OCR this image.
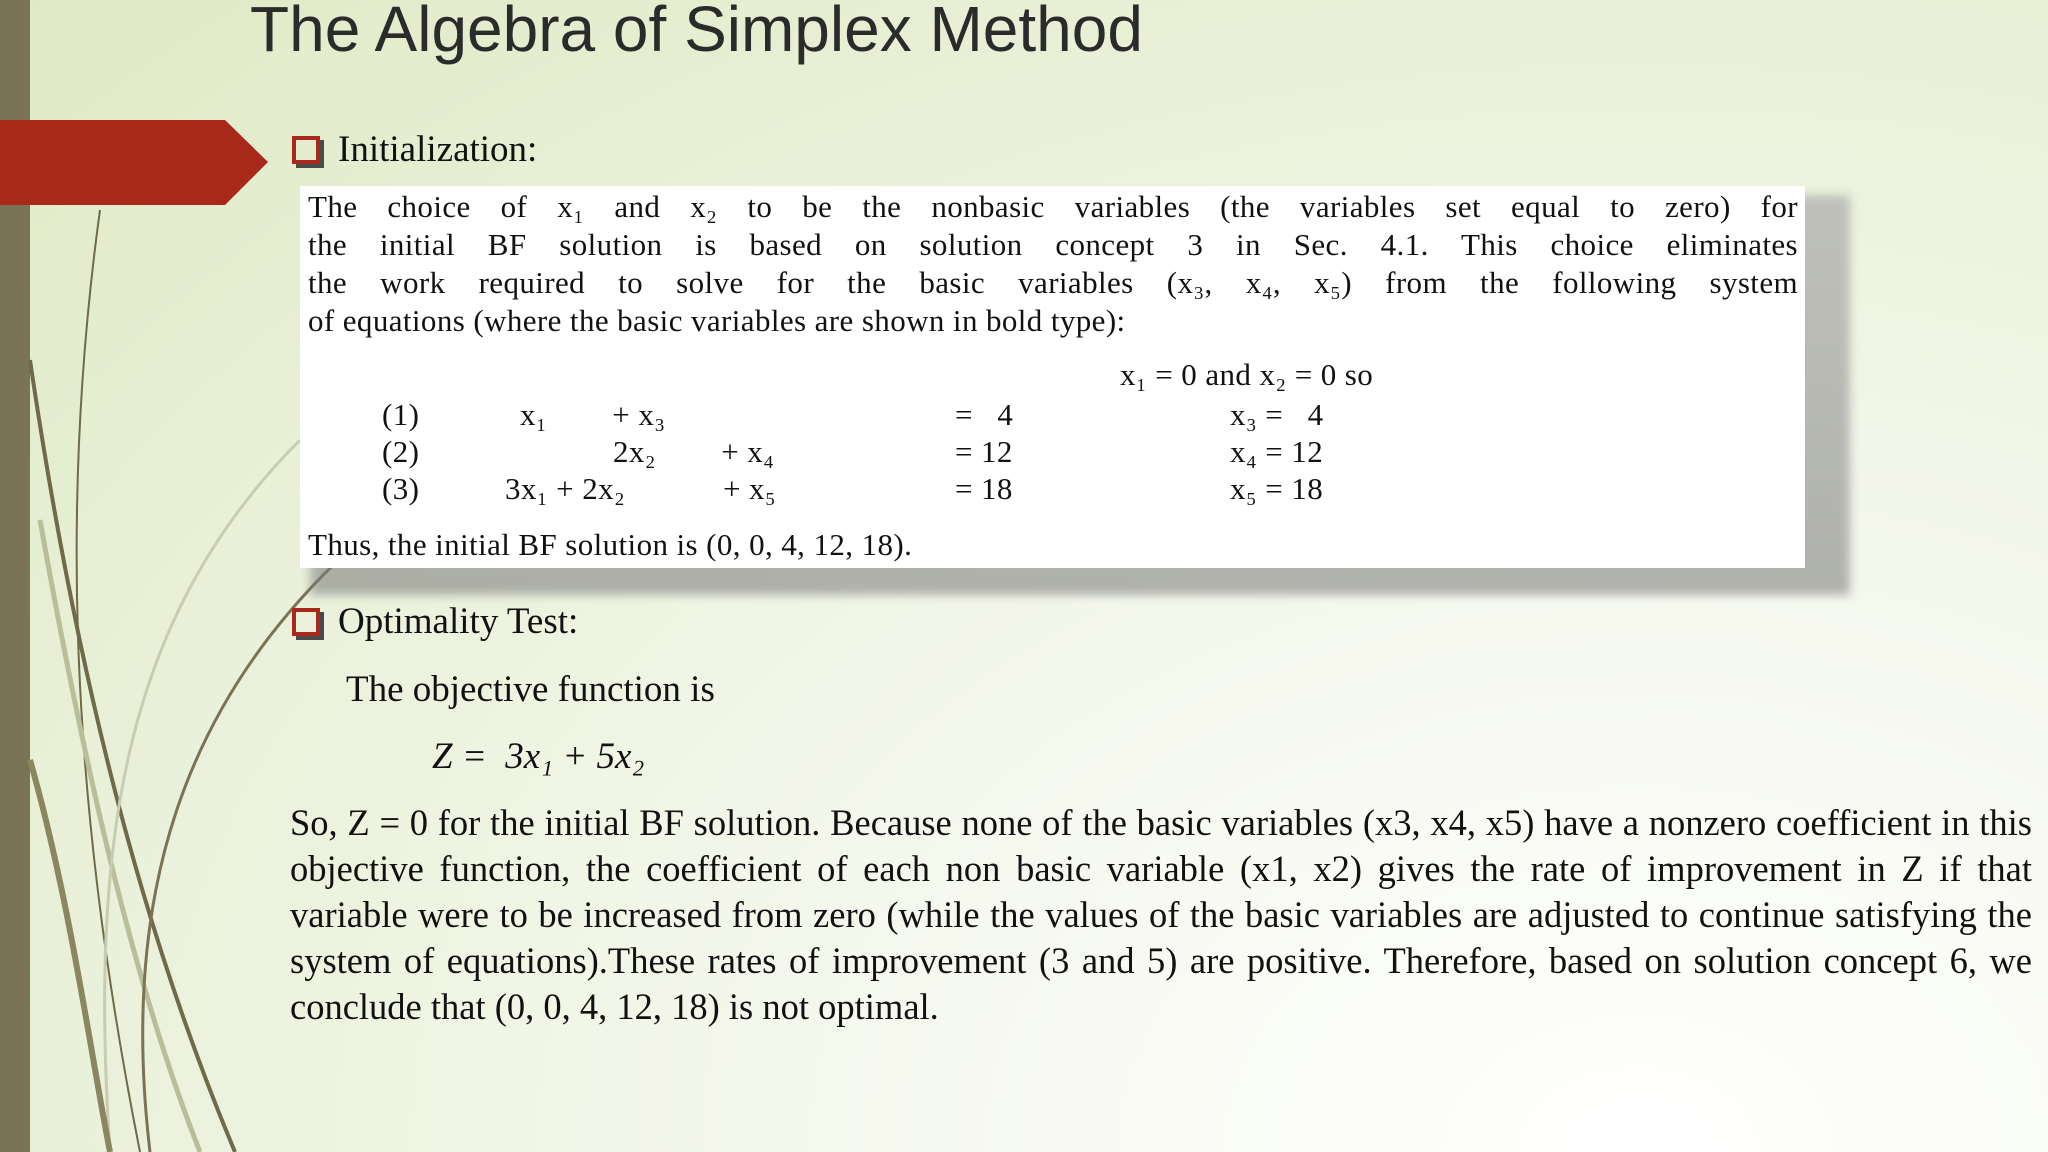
The Algebra of Simplex Method
Initialization:
The choice of x₁ and x₂ to be the nonbasic variables (the variables set equal to zero) for
the initial BF solution is based on solution concept 3 in Sec. 4.1. This choice eliminates
the work required to solve for the basic variables (x₃, x₄, x₅) from the following system
of equations (where the basic variables are shown in bold type):
x₁ = 0 and x₂ = 0 so
(1)	x₁        + x₃	=   4	x₃ =   4
(2)	2x₂        + x₄	= 12	x₄ = 12
(3)	3x₁ + 2x₂            + x₅	= 18	x₅ = 18
Thus, the initial BF solution is (0, 0, 4, 12, 18).
Optimality Test:
The objective function is
Z =  3x₁ + 5x₂
So, Z = 0 for the initial BF solution. Because none of the basic variables (x3, x4, x5) have a nonzero coefficient in this objective function, the coefficient of each non basic variable (x1, x2) gives the rate of improvement in Z if that variable were to be increased from zero (while the values of the basic variables are adjusted to continue satisfying the system of equations).These rates of improvement (3 and 5) are positive. Therefore, based on solution concept 6, we conclude that (0, 0, 4, 12, 18) is not optimal.
